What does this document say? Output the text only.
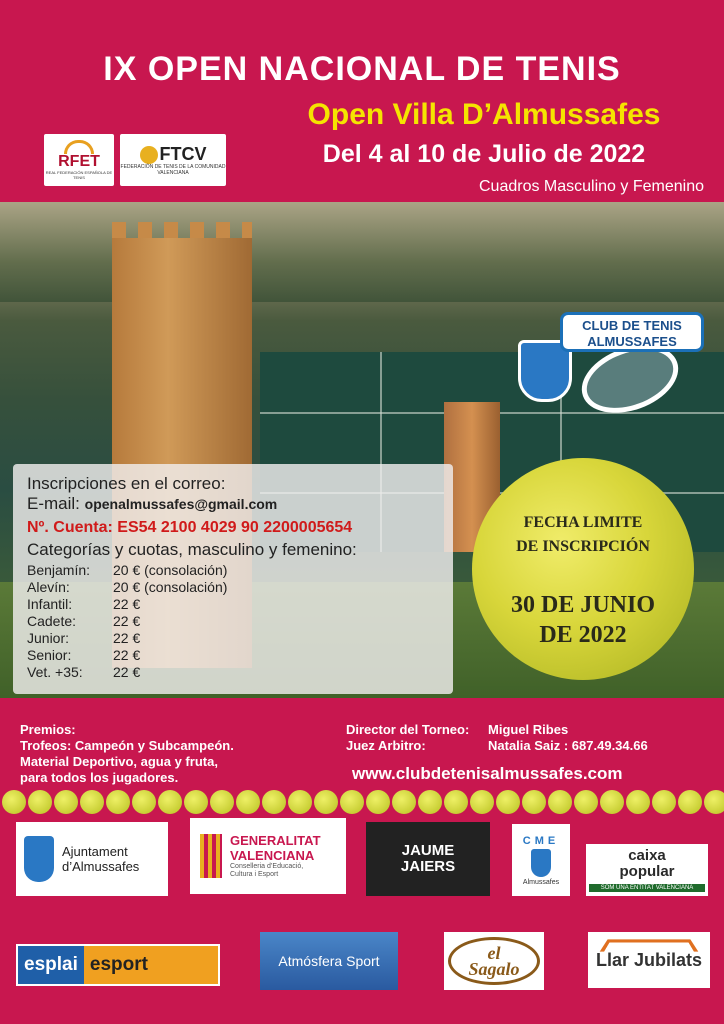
IX OPEN NACIONAL DE TENIS
Open Villa D’Almussafes
Del 4 al 10 de Julio de 2022
Cuadros Masculino y Femenino
RFET
REAL FEDERACIÓN ESPAÑOLA DE TENIS
FTCV
FEDERACIÓN DE TENIS DE LA COMUNIDAD VALENCIANA
CLUB DE TENIS
ALMUSSAFES
Inscripciones en el correo:
E-mail: openalmussafes@gmail.com
Nº. Cuenta: ES54 2100 4029 90 2200005654
Categorías y cuotas, masculino y femenino:
Benjamín:	20 € (consolación)
Alevín:	20 € (consolación)
Infantil:	22 €
Cadete:	22 €
Junior:	22 €
Senior:	22 €
Vet. +35:	22 €
FECHA LIMITE
DE INSCRIPCIÓN
30 DE JUNIO
DE 2022
Premios:
Trofeos: Campeón y Subcampeón.
Material Deportivo, agua y fruta,
para todos los jugadores.
Director del Torneo:	Miguel Ribes
Juez Arbitro:	Natalia Saiz : 687.49.34.66
www.clubdetenisalmussafes.com
Ajuntament
d’Almussafes
GENERALITAT
VALENCIANA
Conselleria d’Educació,
Cultura i Esport
JAUME
JAIERS
CME
Almussafes
caixa
popular
SOM UNA ENTITAT VALENCIANA
esplai esport	Atmósfera Sport	el
Sagalo	Llar Jubilats
